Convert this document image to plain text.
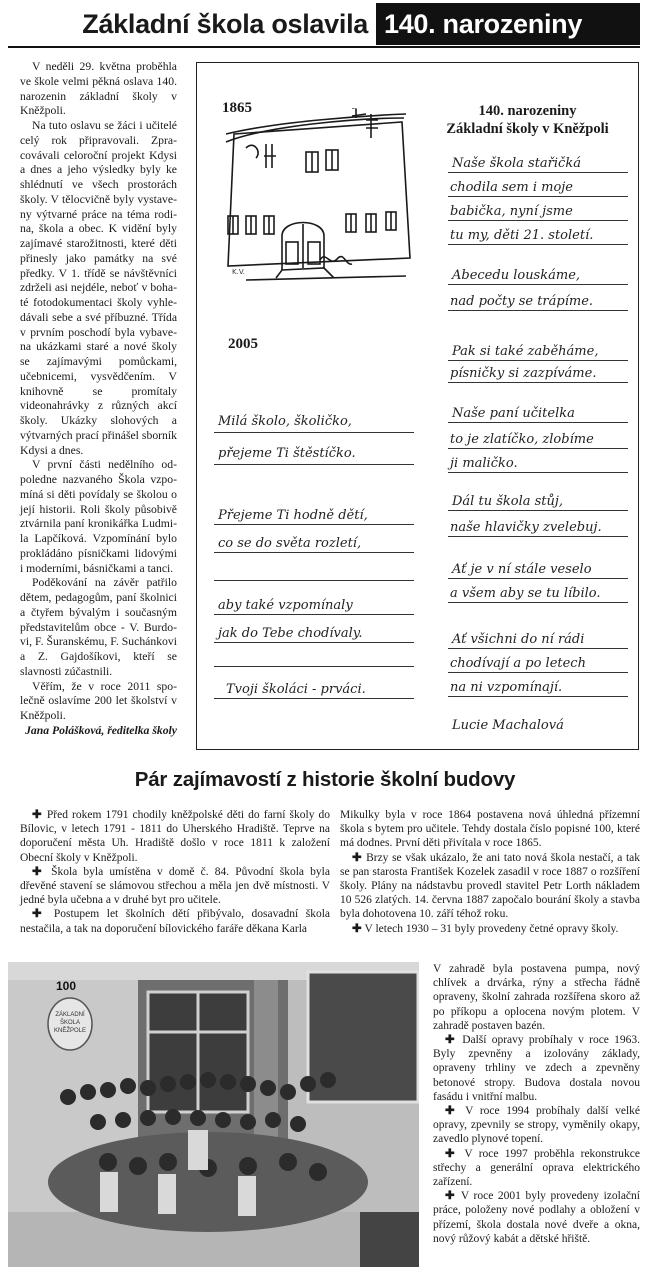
Základní škola oslavila 140. narozeniny

V neděli 29. května proběhla ve škole velmi pěkná oslava 140. narozenin základní školy v Kněžpoli.

Na tuto oslavu se žáci i učitelé celý rok připravovali. Zpracovávali celoroční projekt Kdysi a dnes a jeho výsledky byly ke shlédnutí ve všech prostorách školy. V tělocvičně byly vystaveny výtvarné práce na téma rodina, škola a obec. K vidění byly zajímavé starožitnosti, které děti přinesly jako památky na své předky. V 1. třídě se návštěvníci zdrželi asi nejdéle, neboť v bohaté fotodokumentaci školy vyhledávali sebe a své příbuzné. Třída v prvním poschodí byla vybavena ukázkami staré a nové školy se zajímavými pomůckami, učebnicemi, vysvědčením. V knihovně se promítaly videonahrávky z různých akcí školy. Ukázky slohových a výtvarných prací přinášel sborník Kdysi a dnes.

V první části nedělního odpoledne nazvaného Škola vzpomíná si děti povídaly se školou o její historii. Roli školy působivě ztvárnila paní kronikářka Ludmila Lapčíková. Vzpomínání bylo prokládáno písničkami lidovými i moderními, básničkami a tanci.

Poděkování na závěr patřilo dětem, pedagogům, paní školnici a čtyřem bývalým i současným představitelům obce - V. Burdovi, F. Šuranskému, F. Suchánkovi a Z. Gajdošíkovi, kteří se slavnosti zúčastnili.

Věřím, že v roce 2011 společně oslavíme 200 let školství v Kněžpoli.

Jana Polášková, ředitelka školy

1865
2005
K.V.
140. narozeniny
Základní školy v Kněžpoli
Naše škola stařičká
chodila sem i moje
babička, nyní jsme
tu my, děti 21. století.
Abecedu louskáme,
nad počty se trápíme.
Pak si také zaběháme,
písničky si zazpíváme.
Naše paní učitelka
to je zlatíčko, zlobíme
ji maličko.
Dál tu škola stůj,
naše hlavičky zvelebuj.
Ať je v ní stále veselo
a všem aby se tu líbilo.
Ať všichni do ní rádi
chodívají a po letech
na ni vzpomínají.
Lucie Machalová
Milá školo, školičko,
přejeme Ti štěstíčko.
Přejeme Ti hodně dětí,
co se do světa rozletí,
aby také vzpomínaly
jak do Tebe chodívaly.
Tvoji školáci - prváci.
Pár zajímavostí z historie školní budovy

✚ Před rokem 1791 chodily kněžpolské děti do farní školy do Bílovic, v letech 1791 - 1811 do Uherského Hradiště. Teprve na doporučení města Uh. Hradiště došlo v roce 1811 k založení Obecní školy v Kněžpoli.

✚ Škola byla umístěna v domě č. 84. Původní škola byla dřevěné stavení se slámovou střechou a měla jen dvě místnosti. V jedné byla učebna a v druhé byt pro učitele.

✚ Postupem let školních dětí přibývalo, dosavadní škola nestačila, a tak na doporučení bílovického faráře děkana Karla

Mikulky byla v roce 1864 postavena nová úhledná přízemní škola s bytem pro učitele. Tehdy dostala číslo popisné 100, které má dodnes. První děti přivítala v roce 1865.

✚ Brzy se však ukázalo, že ani tato nová škola nestačí, a tak se pan starosta František Kozelek zasadil v roce 1887 o rozšíření školy. Plány na nádstavbu provedl stavitel Petr Lorth nákladem 10 526 zlatých. 14. června 1887 započalo bourání školy a stavba byla dohotovena 10. září téhož roku.

✚ V letech 1930 – 31 byly provedeny četné opravy školy.

ZÁKLADNÍ
ŠKOLA
KNĚŽPOLE
100

V zahradě byla postavena pumpa, nový chlívek a drvárka, rýny a střecha řádně opraveny, školní zahrada rozšířena skoro až po příkopu a oplocena novým plotem. V zahradě postaven bazén.

✚ Další opravy probíhaly v roce 1963. Byly zpevněny a izolovány základy, opraveny trhliny ve zdech a zpevněny betonové stropy. Budova dostala novou fasádu i vnitřní malbu.

✚ V roce 1994 probíhaly další velké opravy, zpevnily se stropy, vyměnily okapy, zavedlo plynové topení.

✚ V roce 1997 proběhla rekonstrukce střechy a generální oprava elektrického zařízení.

✚ V roce 2001 byly provedeny izolační práce, položeny nové podlahy a obložení v přízemí, škola dostala nové dveře a okna, nový růžový kabát a dětské hřiště.
